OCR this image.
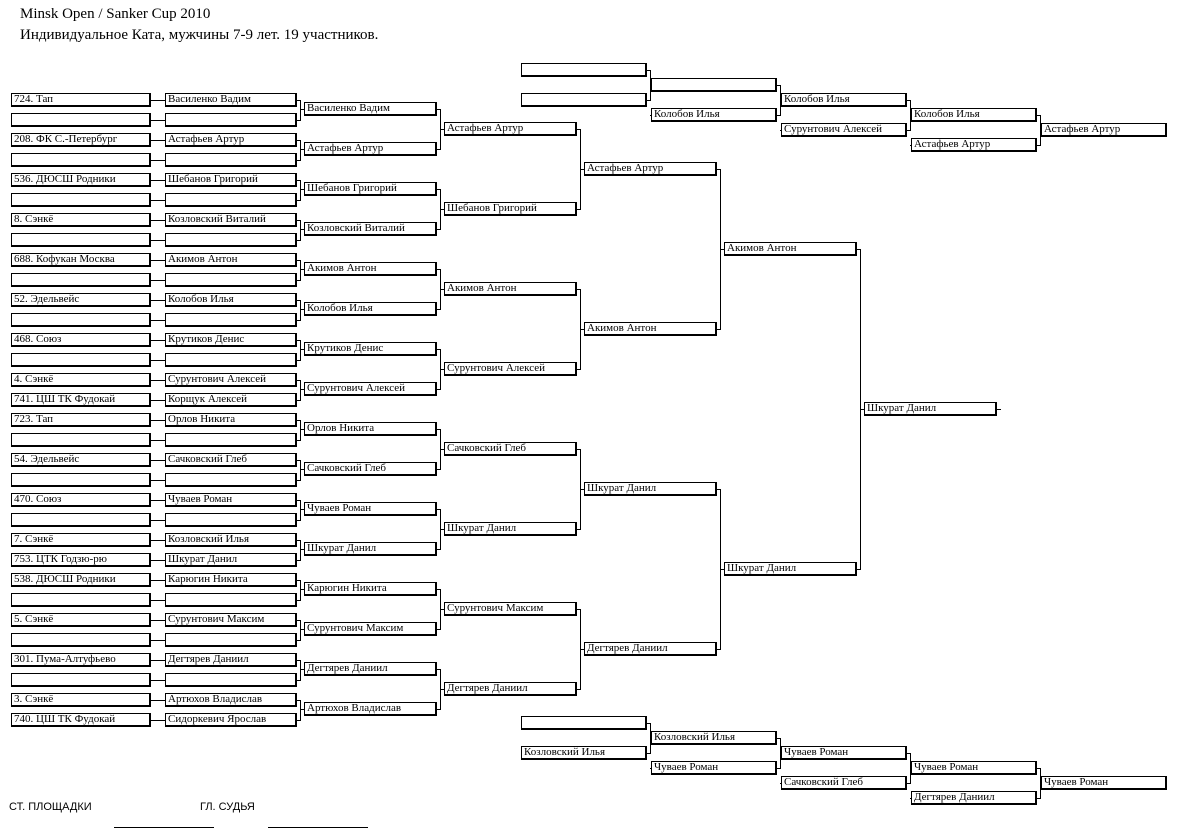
Minsk Open / Sanker Cup 2010
Индивидуальное Ката, мужчины 7-9 лет. 19 участников.
724. Тап
208. ФК С.-Петербург
536. ДЮСШ Родники
8. Сэнкё
688. Кофукан Москва
52. Эдельвейс
468. Союз
4. Сэнкё
741. ЦШ ТК Фудокай
723. Тап
54. Эдельвейс
470. Союз
7. Сэнкё
753. ЦТК Годзю-рю
538. ДЮСШ Родники
5. Сэнкё
301. Пума-Алтуфьево
3. Сэнкё
740. ЦШ ТК Фудокай
Василенко Вадим
Астафьев Артур
Шебанов Григорий
Козловский Виталий
Акимов Антон
Колобов Илья
Крутиков Денис
Сурунтович Алексей
Корщук Алексей
Орлов Никита
Сачковский Глеб
Чуваев Роман
Козловский Илья
Шкурат Данил
Карюгин Никита
Сурунтович Максим
Дегтярев Даниил
Артюхов Владислав
Сидоркевич Ярослав
Василенко Вадим
Астафьев Артур
Шебанов Григорий
Козловский Виталий
Акимов Антон
Колобов Илья
Крутиков Денис
Сурунтович Алексей
Орлов Никита
Сачковский Глеб
Чуваев Роман
Шкурат Данил
Карюгин Никита
Сурунтович Максим
Дегтярев Даниил
Артюхов Владислав
Астафьев Артур
Шебанов Григорий
Акимов Антон
Сурунтович Алексей
Сачковский Глеб
Шкурат Данил
Сурунтович Максим
Дегтярев Даниил
Астафьев Артур
Акимов Антон
Шкурат Данил
Дегтярев Даниил
Акимов Антон
Шкурат Данил
Шкурат Данил
Колобов Илья
Колобов Илья
Сурунтович Алексей
Колобов Илья
Астафьев Артур
Астафьев Артур
Козловский Илья
Козловский Илья
Чуваев Роман
Чуваев Роман
Сачковский Глеб
Чуваев Роман
Дегтярев Даниил
Чуваев Роман
СТ. ПЛОЩАДКИ	ГЛ. СУДЬЯ
